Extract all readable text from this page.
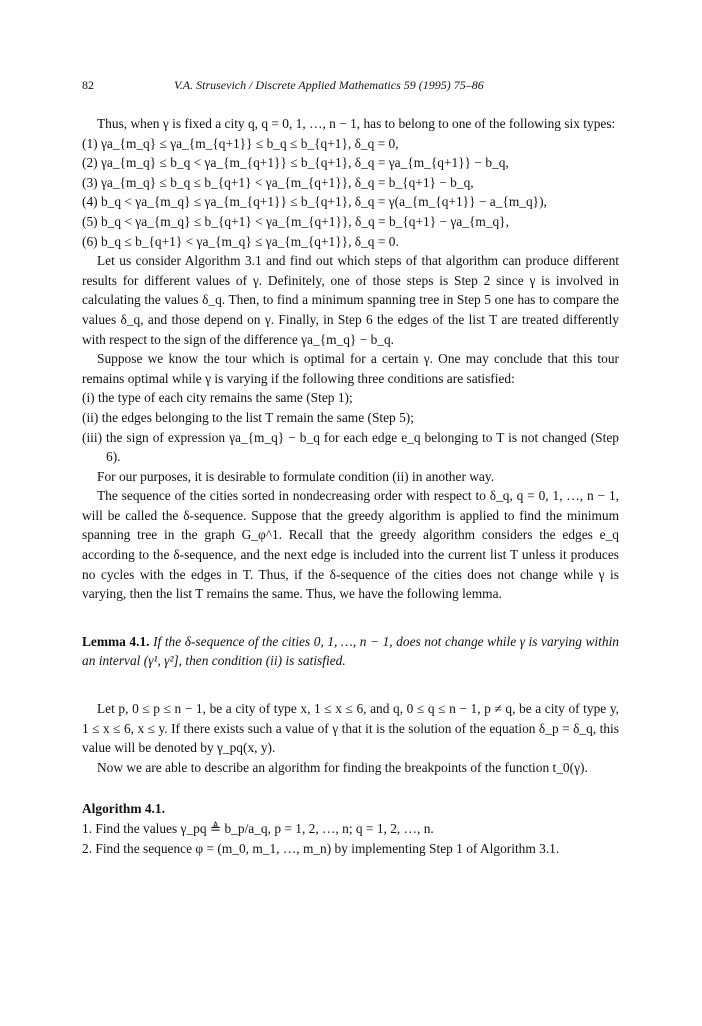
82	V.A. Strusevich / Discrete Applied Mathematics 59 (1995) 75–86

Thus, when γ is fixed a city q, q = 0, 1, …, n − 1, has to belong to one of the following six types:

(1) γa_{m_q} ≤ γa_{m_{q+1}} ≤ b_q ≤ b_{q+1}, δ_q = 0,

(2) γa_{m_q} ≤ b_q < γa_{m_{q+1}} ≤ b_{q+1}, δ_q = γa_{m_{q+1}} − b_q,

(3) γa_{m_q} ≤ b_q ≤ b_{q+1} < γa_{m_{q+1}}, δ_q = b_{q+1} − b_q,

(4) b_q < γa_{m_q} ≤ γa_{m_{q+1}} ≤ b_{q+1}, δ_q = γ(a_{m_{q+1}} − a_{m_q}),

(5) b_q < γa_{m_q} ≤ b_{q+1} < γa_{m_{q+1}}, δ_q = b_{q+1} − γa_{m_q},

(6) b_q ≤ b_{q+1} < γa_{m_q} ≤ γa_{m_{q+1}}, δ_q = 0.

Let us consider Algorithm 3.1 and find out which steps of that algorithm can produce different results for different values of γ. Definitely, one of those steps is Step 2 since γ is involved in calculating the values δ_q. Then, to find a minimum spanning tree in Step 5 one has to compare the values δ_q, and those depend on γ. Finally, in Step 6 the edges of the list T are treated differently with respect to the sign of the difference γa_{m_q} − b_q.

Suppose we know the tour which is optimal for a certain γ. One may conclude that this tour remains optimal while γ is varying if the following three conditions are satisfied:

(i) the type of each city remains the same (Step 1);

(ii) the edges belonging to the list T remain the same (Step 5);

(iii) the sign of expression γa_{m_q} − b_q for each edge e_q belonging to T is not changed (Step 6).

For our purposes, it is desirable to formulate condition (ii) in another way.

The sequence of the cities sorted in nondecreasing order with respect to δ_q, q = 0, 1, …, n − 1, will be called the δ-sequence. Suppose that the greedy algorithm is applied to find the minimum spanning tree in the graph G_φ^1. Recall that the greedy algorithm considers the edges e_q according to the δ-sequence, and the next edge is included into the current list T unless it produces no cycles with the edges in T. Thus, if the δ-sequence of the cities does not change while γ is varying, then the list T remains the same. Thus, we have the following lemma.

Lemma 4.1. If the δ-sequence of the cities 0, 1, …, n − 1, does not change while γ is varying within an interval (γ¹, γ²], then condition (ii) is satisfied.

Let p, 0 ≤ p ≤ n − 1, be a city of type x, 1 ≤ x ≤ 6, and q, 0 ≤ q ≤ n − 1, p ≠ q, be a city of type y, 1 ≤ x ≤ 6, x ≤ y. If there exists such a value of γ that it is the solution of the equation δ_p = δ_q, this value will be denoted by γ_pq(x, y).

Now we are able to describe an algorithm for finding the breakpoints of the function t_0(γ).

Algorithm 4.1.

1. Find the values γ_pq ≜ b_p/a_q, p = 1, 2, …, n; q = 1, 2, …, n.

2. Find the sequence φ = (m_0, m_1, …, m_n) by implementing Step 1 of Algorithm 3.1.
